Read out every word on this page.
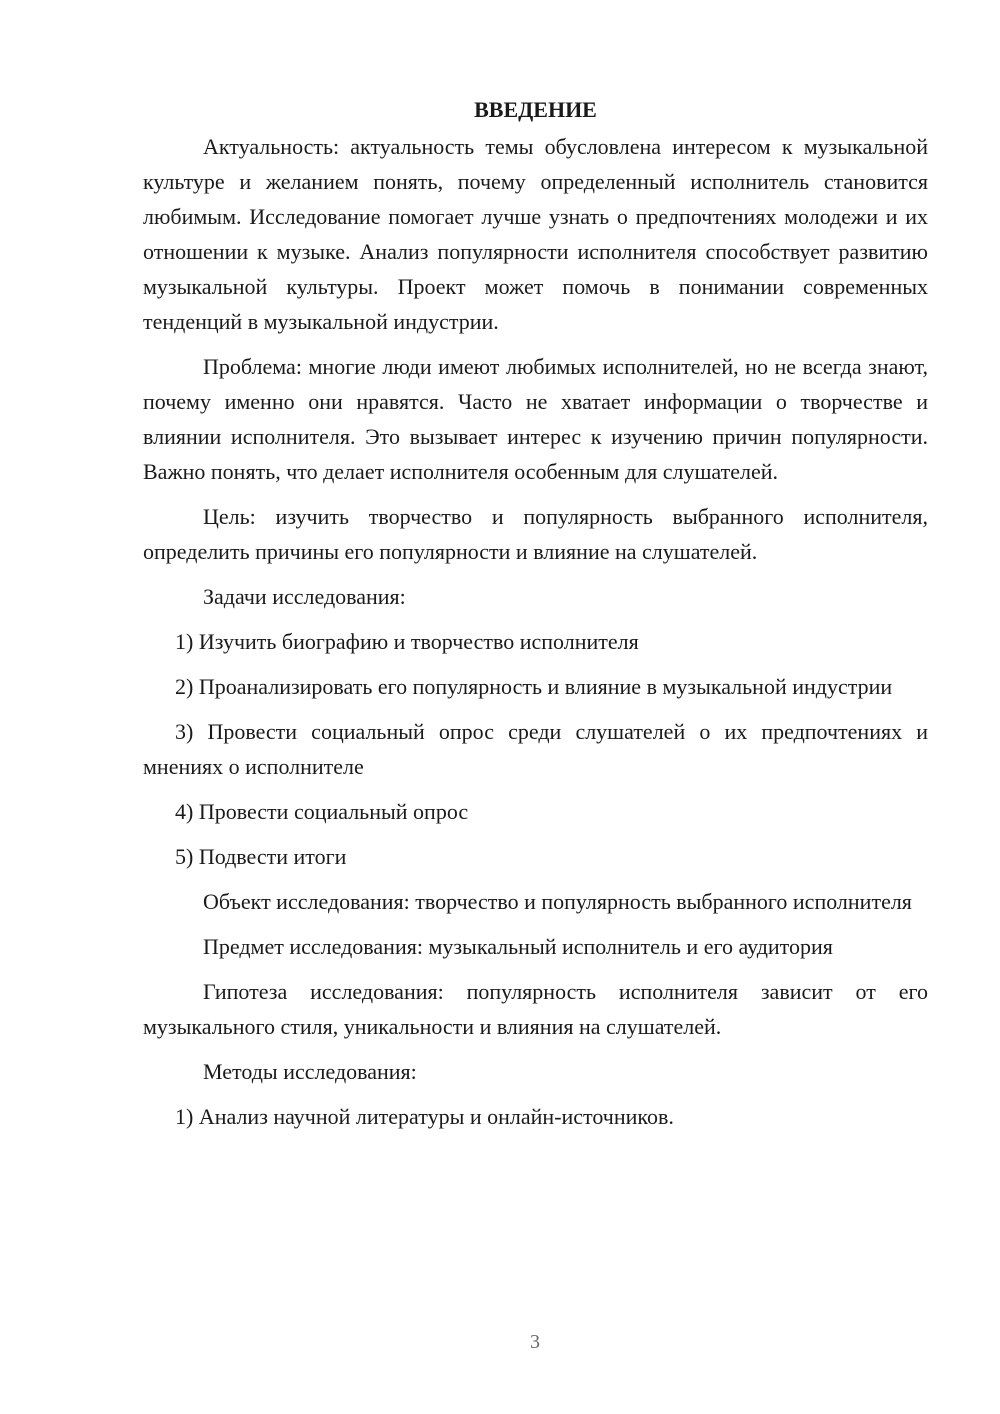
ВВЕДЕНИЕ

Актуальность: актуальность темы обусловлена интересом к музыкальной культуре и желанием понять, почему определенный исполнитель становится любимым. Исследование помогает лучше узнать о предпочтениях молодежи и их отношении к музыке. Анализ популярности исполнителя способствует развитию музыкальной культуры. Проект может помочь в понимании современных тенденций в музыкальной индустрии.

Проблема: многие люди имеют любимых исполнителей, но не всегда знают, почему именно они нравятся. Часто не хватает информации о творчестве и влиянии исполнителя. Это вызывает интерес к изучению причин популярности. Важно понять, что делает исполнителя особенным для слушателей.

Цель: изучить творчество и популярность выбранного исполнителя, определить причины его популярности и влияние на слушателей.

Задачи исследования:

1) Изучить биографию и творчество исполнителя

2) Проанализировать его популярность и влияние в музыкальной индустрии

3) Провести социальный опрос среди слушателей о их предпочтениях и мнениях о исполнителе

4) Провести социальный опрос

5) Подвести итоги

Объект исследования: творчество и популярность выбранного исполнителя

Предмет исследования: музыкальный исполнитель и его аудитория

Гипотеза исследования: популярность исполнителя зависит от его музыкального стиля, уникальности и влияния на слушателей.

Методы исследования:

1) Анализ научной литературы и онлайн-источников.

3
